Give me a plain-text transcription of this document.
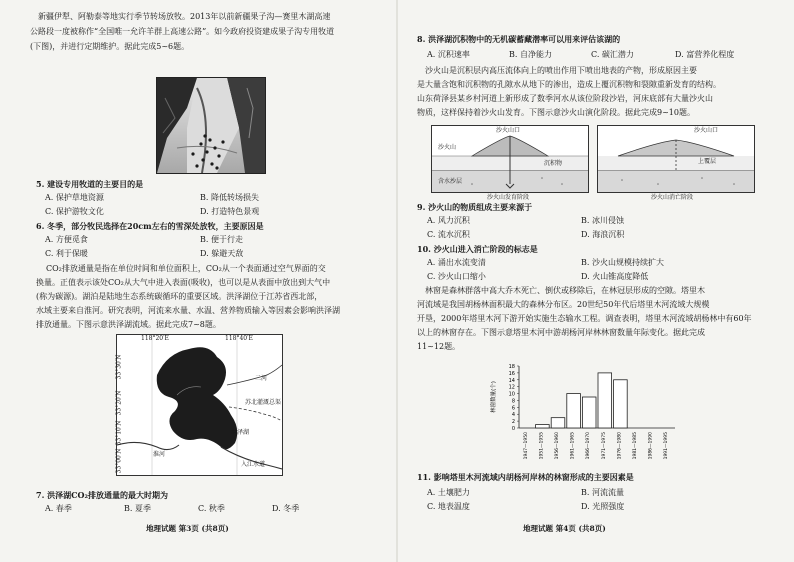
新疆伊犁、阿勒泰等地实行季节转场放牧。2013年以前新疆果子沟—赛里木湖高速
公路段一度被称作“全国唯一允许羊群上高速公路”。如今政府投资建成果子沟专用牧道
(下图)，并进行定期维护。据此完成5~6题。
5. 建设专用牧道的主要目的是
A. 保护草地资源	B. 降低转场损失
C. 保护游牧文化	D. 打造特色景观
6. 冬季，部分牧民选择在20cm左右的雪深处放牧，主要原因是
A. 方便觅食	B. 便于行走
C. 利于保暖	D. 躲避天敌
CO₂排放通量是指在单位时间和单位面积上，CO₂从一个表面通过空气界面的交
换量。正值表示该处CO₂从大气中进入表面(吸收)，也可以是从表面中放出到大气中
(称为碳源)。湖泊是陆地生态系统碳循环的重要区域。洪泽湖位于江苏省西北部，
水域主要来自淮河。研究表明，河流来水量、水温、营养物质输入等因素会影响洪泽湖
排放通量。下图示意洪泽湖流域。据此完成7~8题。
118°20′E	118°40′E
33°30′N
33°20′N
33°10′N
33°00′N
二河
苏北灌溉总渠
洪泽湖
淮河
入江水道
7. 洪泽湖CO₂排放通量的最大时期为
A. 春季	B. 夏季	C. 秋季	D. 冬季
地理试题 第3页 (共8页)
8. 洪泽湖沉积物中的无机碳蓄藏潜率可以用来评估该湖的
A. 沉积速率	B. 自净能力	C. 碳汇潜力	D. 富营养化程度
沙火山是沉积层内高压流体向上的喷出作用下喷出地表的产物，形成原因主要
是大量含饱和沉积物的孔隙水从地下的渗出，造成上覆沉积物和裂隙重新发育的结构。
山东荷泽县某乡村河道上新形成了数季河水从该位阶段沙岩，河床底部有大量沙火山
物质，这样保持着沙火山发育。下图示意沙火山演化阶段。据此完成9~10题。
沙火山口
沙火山
含水沙层
沉积物
沙火山口
上覆层
沙火山发育阶段	沙火山消亡阶段
9. 沙火山的物质组成主要来源于
A. 风力沉积	B. 冰川侵蚀
C. 流水沉积	D. 海浪沉积
10. 沙火山进入消亡阶段的标志是
A. 涌出水流变清	B. 沙火山规模持续扩大
C. 沙火山口缩小	D. 火山锥高度降低
林窗是森林群落中高大乔木死亡、倒伏或移除后，在林冠层形成的空隙。塔里木
河流域是我国胡杨林面积最大的森林分布区。20世纪50年代后塔里木河流域大规模
开垦，2000年塔里木河下游开始实施生态输水工程。调查表明，塔里木河流域胡杨林中有60年
以上的林窗存在。下图示意塔里木河中游胡杨河岸林林窗数量年际变化。据此完成
11~12题。
0
2
4
6
8
10
12
14
16
18
林窗数量(个)
1947—1950 1951—1955 1956—1960 1961—1965 1966—1970 1971—1975 1976—1980 1981—1985 1986—1990 1991—1995
11. 影响塔里木河流域内胡杨河岸林的林窗形成的主要因素是
A. 土壤肥力	B. 河流流量
C. 地表温度	D. 光照强度
地理试题 第4页 (共8页)
